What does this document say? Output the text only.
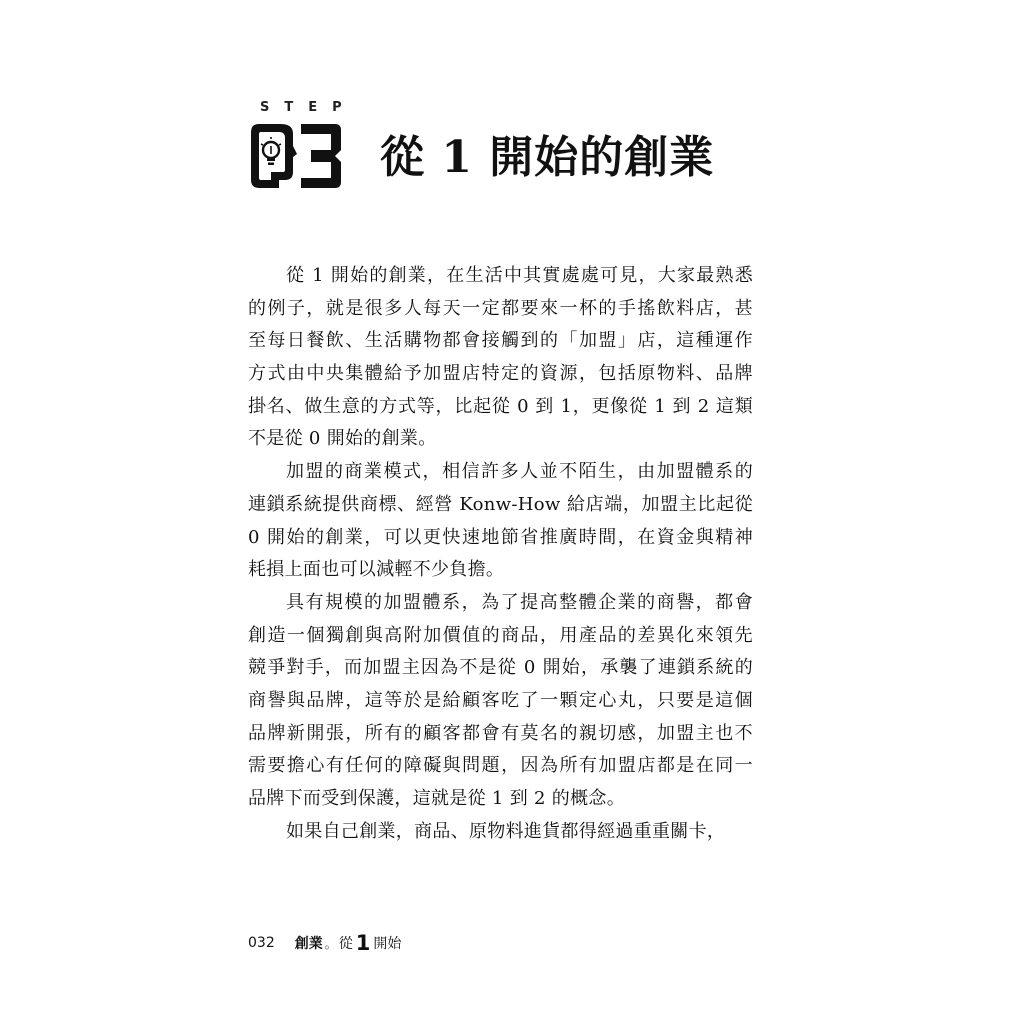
STEP
從 1 開始的創業
從 1 開始的創業，在生活中其實處處可見，大家最熟悉
的例子，就是很多人每天一定都要來一杯的手搖飲料店，甚
至每日餐飲、生活購物都會接觸到的「加盟」店，這種運作
方式由中央集體給予加盟店特定的資源，包括原物料、品牌
掛名、做生意的方式等，比起從 0 到 1，更像從 1 到 2 這類
不是從 0 開始的創業。
加盟的商業模式，相信許多人並不陌生，由加盟體系的
連鎖系統提供商標、經營 Konw-How 給店端，加盟主比起從
0 開始的創業，可以更快速地節省推廣時間，在資金與精神
耗損上面也可以減輕不少負擔。
具有規模的加盟體系，為了提高整體企業的商譽，都會
創造一個獨創與高附加價值的商品，用產品的差異化來領先
競爭對手，而加盟主因為不是從 0 開始，承襲了連鎖系統的
商譽與品牌，這等於是給顧客吃了一顆定心丸，只要是這個
品牌新開張，所有的顧客都會有莫名的親切感，加盟主也不
需要擔心有任何的障礙與問題，因為所有加盟店都是在同一
品牌下而受到保護，這就是從 1 到 2 的概念。
如果自己創業，商品、原物料進貨都得經過重重關卡，
032 創業 。 從 1 開始
